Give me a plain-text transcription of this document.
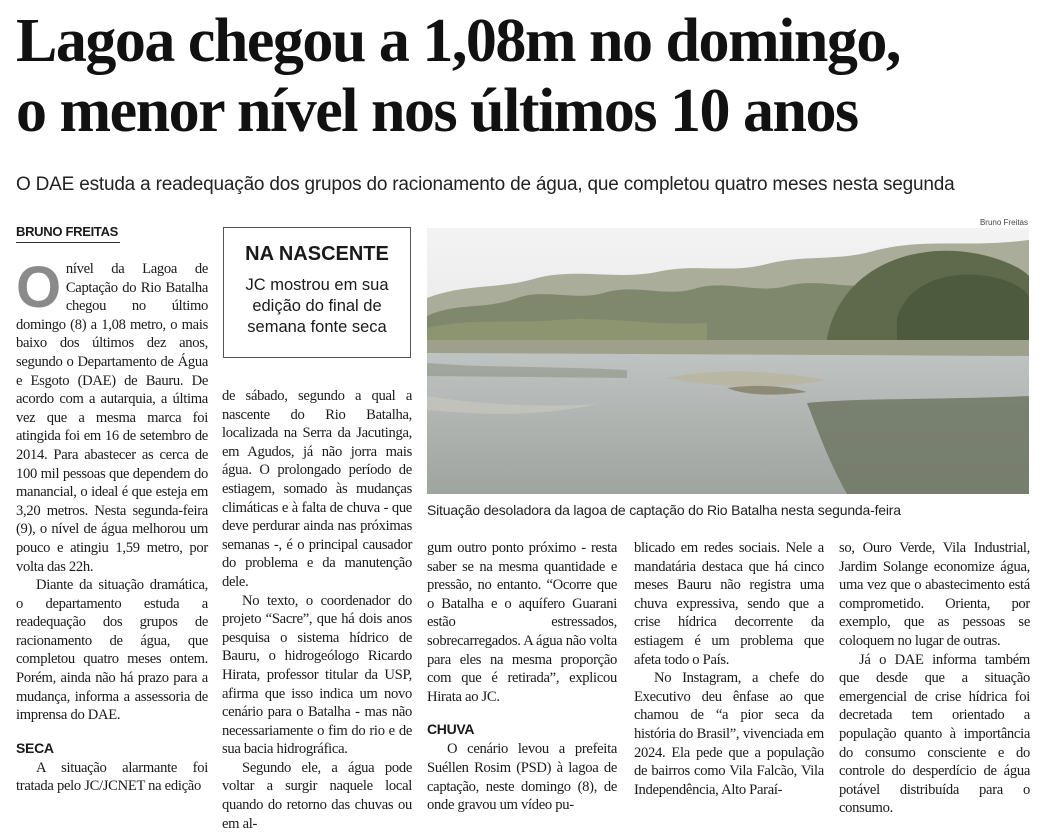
Lagoa chegou a 1,08m no domingo,
o menor nível nos últimos 10 anos

O DAE estuda a readequação dos grupos do racionamento de água, que completou quatro meses nesta segunda

BRUNO FREITAS

Onível da Lagoa de Captação do Rio Batalha chegou no último domingo (8) a 1,08 metro, o mais baixo dos últimos dez anos, segundo o Departamento de Água e Esgoto (DAE) de Bauru. De acordo com a autarquia, a última vez que a mesma marca foi atingida foi em 16 de setembro de 2014. Para abastecer as cerca de 100 mil pessoas que dependem do manancial, o ideal é que esteja em 3,20 metros. Nesta segunda-feira (9), o nível de água melhorou um pouco e atingiu 1,59 metro, por volta das 22h.

Diante da situação dramática, o departamento estuda a readequação dos grupos de racionamento de água, que completou quatro meses ontem. Porém, ainda não há prazo para a mudança, informa a assessoria de imprensa do DAE.

SECA

A situação alarmante foi tratada pelo JC/JCNET na edição

NA NASCENTE
JC mostrou em sua edição do final de semana fonte seca

de sábado, segundo a qual a nascente do Rio Batalha, localizada na Serra da Jacutinga, em Agudos, já não jorra mais água. O prolongado período de estiagem, somado às mudanças climáticas e à falta de chuva - que deve perdurar ainda nas próximas semanas -, é o principal causador do problema e da manutenção dele.

No texto, o coordenador do projeto “Sacre”, que há dois anos pesquisa o sistema hídrico de Bauru, o hidrogeólogo Ricardo Hirata, professor titular da USP, afirma que isso indica um novo cenário para o Batalha - mas não necessariamente o fim do rio e de sua bacia hidrográfica.

Segundo ele, a água pode voltar a surgir naquele local quando do retorno das chuvas ou em al-

Bruno Freitas
Situação desoladora da lagoa de captação do Rio Batalha nesta segunda-feira

gum outro ponto próximo - resta saber se na mesma quantidade e pressão, no entanto. “Ocorre que o Batalha e o aquífero Guarani estão estressados, sobrecarregados. A água não volta para eles na mesma proporção com que é retirada”, explicou Hirata ao JC.

CHUVA

O cenário levou a prefeita Suéllen Rosim (PSD) à lagoa de captação, neste domingo (8), de onde gravou um vídeo pu-

blicado em redes sociais. Nele a mandatária destaca que há cinco meses Bauru não registra uma chuva expressiva, sendo que a crise hídrica decorrente da estiagem é um problema que afeta todo o País.

No Instagram, a chefe do Executivo deu ênfase ao que chamou de “a pior seca da história do Brasil”, vivenciada em 2024. Ela pede que a população de bairros como Vila Falcão, Vila Independência, Alto Paraí-

so, Ouro Verde, Vila Industrial, Jardim Solange economize água, uma vez que o abastecimento está comprometido. Orienta, por exemplo, que as pessoas se coloquem no lugar de outras.

Já o DAE informa também que desde que a situação emergencial de crise hídrica foi decretada tem orientado a população quanto à importância do consumo consciente e do controle do desperdício de água potável distribuída para o consumo.
